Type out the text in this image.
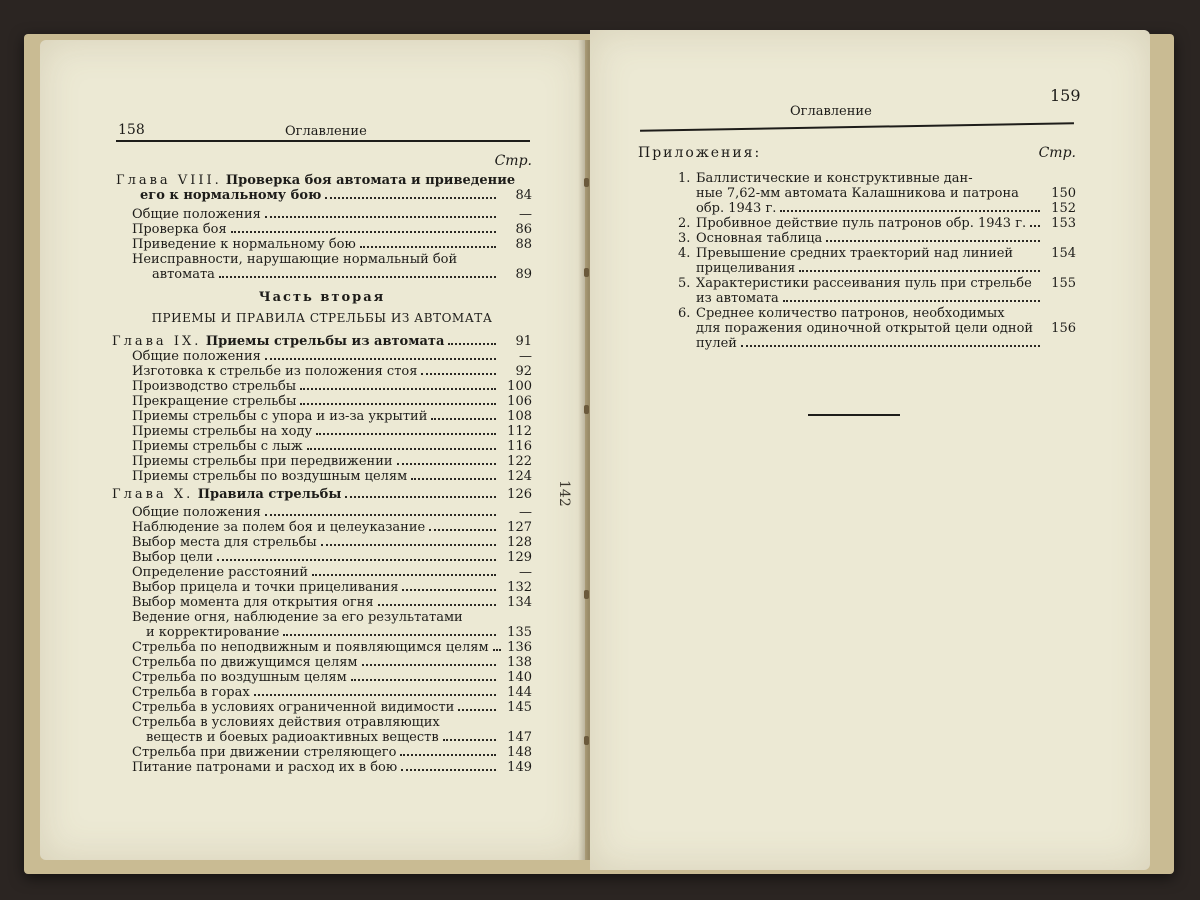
158	Оглавление
Стр.
Глава VIII. Проверка боя автомата и приведение
его к нормальному бою	84
Общие положения	—
Проверка боя	86
Приведение к нормальному бою	88
Неисправности, нарушающие нормальный бой
автомата	89
Часть вторая
ПРИЕМЫ И ПРАВИЛА СТРЕЛЬБЫ ИЗ АВТОМАТА
Глава IX. Приемы стрельбы из автомата	91
Общие положения	—
Изготовка к стрельбе из положения стоя	92
Производство стрельбы	100
Прекращение стрельбы	106
Приемы стрельбы с упора и из-за укрытий	108
Приемы стрельбы на ходу	112
Приемы стрельбы с лыж	116
Приемы стрельбы при передвижении	122
Приемы стрельбы по воздушным целям	124
Глава X. Правила стрельбы	126
Общие положения	—
Наблюдение за полем боя и целеуказание	127
Выбор места для стрельбы	128
Выбор цели	129
Определение расстояний	—
Выбор прицела и точки прицеливания	132
Выбор момента для открытия огня	134
Ведение огня, наблюдение за его результатами
и корректирование	135
Стрельба по неподвижным и появляющимся целям 136
Стрельба по движущимся целям	138
Стрельба по воздушным целям	140
Стрельба в горах	144
Стрельба в условиях ограниченной видимости	145
Стрельба в условиях действия отравляющих
веществ и боевых радиоактивных веществ	147
Стрельба при движении стреляющего	148
Питание патронами и расход их в бою	149
142
Оглавление
159
Приложения:	Стр.
1. Баллистические и конструктивные дан-
ные 7,62-мм автомата Калашникова и патрона	150
обр. 1943 г.	152
2. Пробивное действие пуль патронов обр. 1943 г.	153
3. Основная таблица
4. Превышение средних траекторий над линией	154
прицеливания
5. Характеристики рассеивания пуль при стрельбе	155
из автомата
6. Среднее количество патронов, необходимых
для поражения одиночной открытой цели одной	156
пулей
